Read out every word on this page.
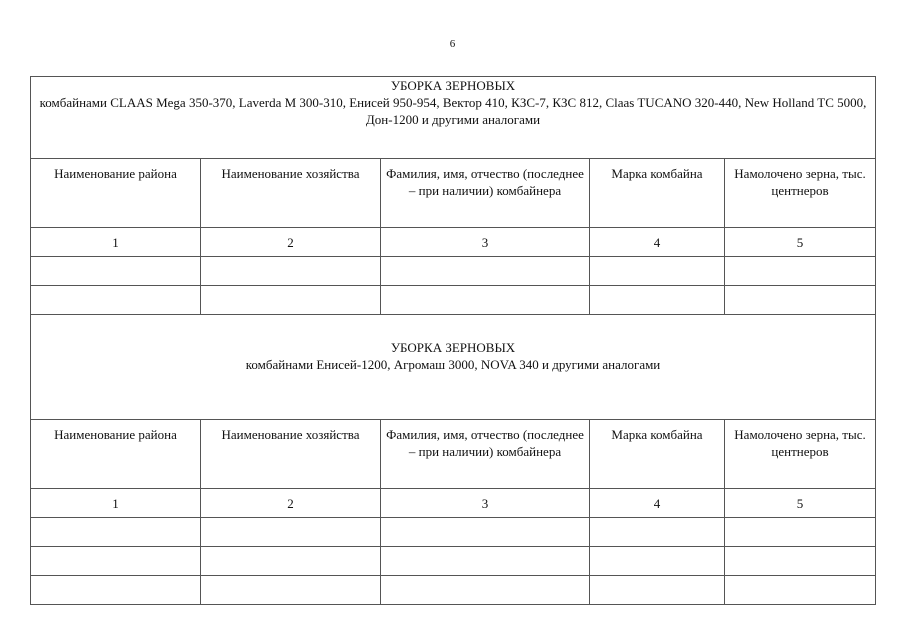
6
УБОРКА ЗЕРНОВЫХ
комбайнами CLAAS Mega 350-370, Laverda M 300-310, Енисей 950-954, Вектор 410, КЗС-7, КЗС 812, Claas TUCANO 320-440, New Holland TC 5000, Дон-1200 и другими аналогами				

Наименование района	Наименование хозяйства	Фамилия, имя, отчество (последнее – при наличии) комбайнера	Марка комбайна	Намолочено зерна, тыс. центнеров
1	2	3	4	5

УБОРКА ЗЕРНОВЫХ
комбайнами Енисей-1200, Агромаш 3000, NOVA 340 и другими аналогами				

Наименование района	Наименование хозяйства	Фамилия, имя, отчество (последнее – при наличии) комбайнера	Марка комбайна	Намолочено зерна, тыс. центнеров
1	2	3	4	5
